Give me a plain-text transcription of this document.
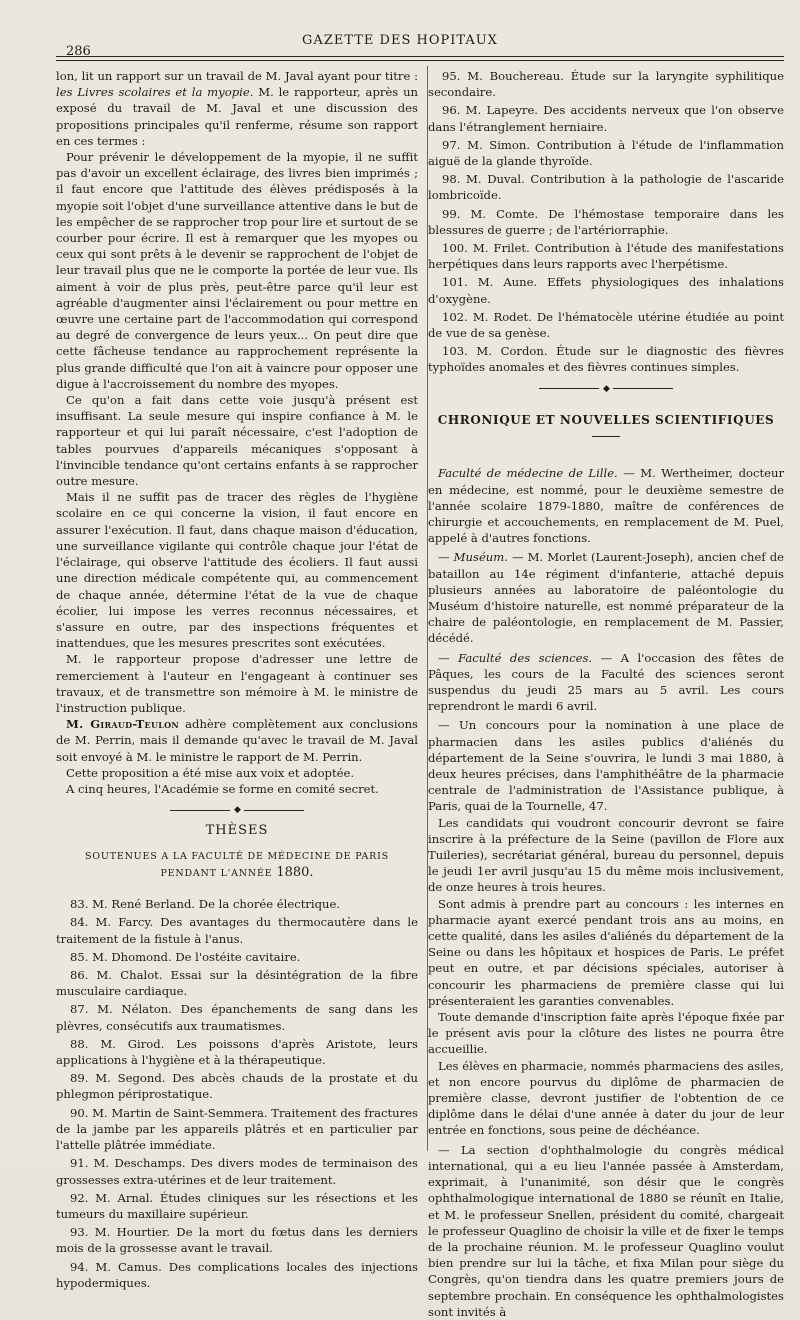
286
GAZETTE DES HOPITAUX

lon, lit un rapport sur un travail de M. Javal ayant pour titre : les Livres scolaires et la myopie. M. le rapporteur, après un exposé du travail de M. Javal et une discussion des propositions principales qu'il renferme, résume son rapport en ces termes :

Pour prévenir le développement de la myopie, il ne suffit pas d'avoir un excellent éclairage, des livres bien imprimés ; il faut encore que l'attitude des élèves prédisposés à la myopie soit l'objet d'une surveillance attentive dans le but de les empêcher de se rapprocher trop pour lire et surtout de se courber pour écrire. Il est à remarquer que les myopes ou ceux qui sont prêts à le devenir se rapprochent de l'objet de leur travail plus que ne le comporte la portée de leur vue. Ils aiment à voir de plus près, peut-être parce qu'il leur est agréable d'augmenter ainsi l'éclairement ou pour mettre en œuvre une certaine part de l'accommodation qui correspond au degré de convergence de leurs yeux... On peut dire que cette fâcheuse tendance au rapprochement représente la plus grande difficulté que l'on ait à vaincre pour opposer une digue à l'accroissement du nombre des myopes.

Ce qu'on a fait dans cette voie jusqu'à présent est insuffisant. La seule mesure qui inspire confiance à M. le rapporteur et qui lui paraît nécessaire, c'est l'adoption de tables pourvues d'appareils mécaniques s'opposant à l'invincible tendance qu'ont certains enfants à se rapprocher outre mesure.

Mais il ne suffit pas de tracer des règles de l'hygiène scolaire en ce qui concerne la vision, il faut encore en assurer l'exécution. Il faut, dans chaque maison d'éducation, une surveillance vigilante qui contrôle chaque jour l'état de l'éclairage, qui observe l'attitude des écoliers. Il faut aussi une direction médicale compétente qui, au commencement de chaque année, détermine l'état de la vue de chaque écolier, lui impose les verres reconnus nécessaires, et s'assure en outre, par des inspections fréquentes et inattendues, que les mesures prescrites sont exécutées.

M. le rapporteur propose d'adresser une lettre de remerciement à l'auteur en l'engageant à continuer ses travaux, et de transmettre son mémoire à M. le ministre de l'instruction publique.

M. Giraud-Teulon adhère complètement aux conclusions de M. Perrin, mais il demande qu'avec le travail de M. Javal soit envoyé à M. le ministre le rapport de M. Perrin.

Cette proposition a été mise aux voix et adoptée.

A cinq heures, l'Académie se forme en comité secret.

◆
THÈSES
SOUTENUES A LA FACULTÉ DE MÉDECINE DE PARIS
PENDANT L'ANNÉE 1880.

83. M. René Berland. De la chorée électrique.

84. M. Farcy. Des avantages du thermocautère dans le traitement de la fistule à l'anus.

85. M. Dhomond. De l'ostéite cavitaire.

86. M. Chalot. Essai sur la désintégration de la fibre musculaire cardiaque.

87. M. Nélaton. Des épanchements de sang dans les plèvres, consécutifs aux traumatismes.

88. M. Girod. Les poissons d'après Aristote, leurs applications à l'hygiène et à la thérapeutique.

89. M. Segond. Des abcès chauds de la prostate et du phlegmon périprostatique.

90. M. Martin de Saint-Semmera. Traitement des fractures de la jambe par les appareils plâtrés et en particulier par l'attelle plâtrée immédiate.

91. M. Deschamps. Des divers modes de terminaison des grossesses extra-utérines et de leur traitement.

92. M. Arnal. Études cliniques sur les résections et les tumeurs du maxillaire supérieur.

93. M. Hourtier. De la mort du fœtus dans les derniers mois de la grossesse avant le travail.

94. M. Camus. Des complications locales des injections hypodermiques.

95. M. Bouchereau. Étude sur la laryngite syphilitique secondaire.

96. M. Lapeyre. Des accidents nerveux que l'on observe dans l'étranglement herniaire.

97. M. Simon. Contribution à l'étude de l'inflammation aiguë de la glande thyroïde.

98. M. Duval. Contribution à la pathologie de l'ascaride lombricoïde.

99. M. Comte. De l'hémostase temporaire dans les blessures de guerre ; de l'artériorraphie.

100. M. Frilet. Contribution à l'étude des manifestations herpétiques dans leurs rapports avec l'herpétisme.

101. M. Aune. Effets physiologiques des inhalations d'oxygène.

102. M. Rodet. De l'hématocèle utérine étudiée au point de vue de sa genèse.

103. M. Cordon. Étude sur le diagnostic des fièvres typhoïdes anomales et des fièvres continues simples.

◆
CHRONIQUE ET NOUVELLES SCIENTIFIQUES

Faculté de médecine de Lille. — M. Wertheimer, docteur en médecine, est nommé, pour le deuxième semestre de l'année scolaire 1879-1880, maître de conférences de chirurgie et accouchements, en remplacement de M. Puel, appelé à d'autres fonctions.

— Muséum. — M. Morlet (Laurent-Joseph), ancien chef de bataillon au 14e régiment d'infanterie, attaché depuis plusieurs années au laboratoire de paléontologie du Muséum d'histoire naturelle, est nommé préparateur de la chaire de paléontologie, en remplacement de M. Passier, décédé.

— Faculté des sciences. — A l'occasion des fêtes de Pâques, les cours de la Faculté des sciences seront suspendus du jeudi 25 mars au 5 avril. Les cours reprendront le mardi 6 avril.

— Un concours pour la nomination à une place de pharmacien dans les asiles publics d'aliénés du département de la Seine s'ouvrira, le lundi 3 mai 1880, à deux heures précises, dans l'amphithéâtre de la pharmacie centrale de l'administration de l'Assistance publique, à Paris, quai de la Tournelle, 47.

Les candidats qui voudront concourir devront se faire inscrire à la préfecture de la Seine (pavillon de Flore aux Tuileries), secrétariat général, bureau du personnel, depuis le jeudi 1er avril jusqu'au 15 du même mois inclusivement, de onze heures à trois heures.

Sont admis à prendre part au concours : les internes en pharmacie ayant exercé pendant trois ans au moins, en cette qualité, dans les asiles d'aliénés du département de la Seine ou dans les hôpitaux et hospices de Paris. Le préfet peut en outre, et par décisions spéciales, autoriser à concourir les pharmaciens de première classe qui lui présenteraient les garanties convenables.

Toute demande d'inscription faite après l'époque fixée par le présent avis pour la clôture des listes ne pourra être accueillie.

Les élèves en pharmacie, nommés pharmaciens des asiles, et non encore pourvus du diplôme de pharmacien de première classe, devront justifier de l'obtention de ce diplôme dans le délai d'une année à dater du jour de leur entrée en fonctions, sous peine de déchéance.

— La section d'ophthalmologie du congrès médical international, qui a eu lieu l'année passée à Amsterdam, exprimait, à l'unanimité, son désir que le congrès ophthalmologique international de 1880 se réunît en Italie, et M. le professeur Snellen, président du comité, chargeait le professeur Quaglino de choisir la ville et de fixer le temps de la prochaine réunion. M. le professeur Quaglino voulut bien prendre sur lui la tâche, et fixa Milan pour siège du Congrès, qu'on tiendra dans les quatre premiers jours de septembre prochain. En conséquence les ophthalmologistes sont invités à
